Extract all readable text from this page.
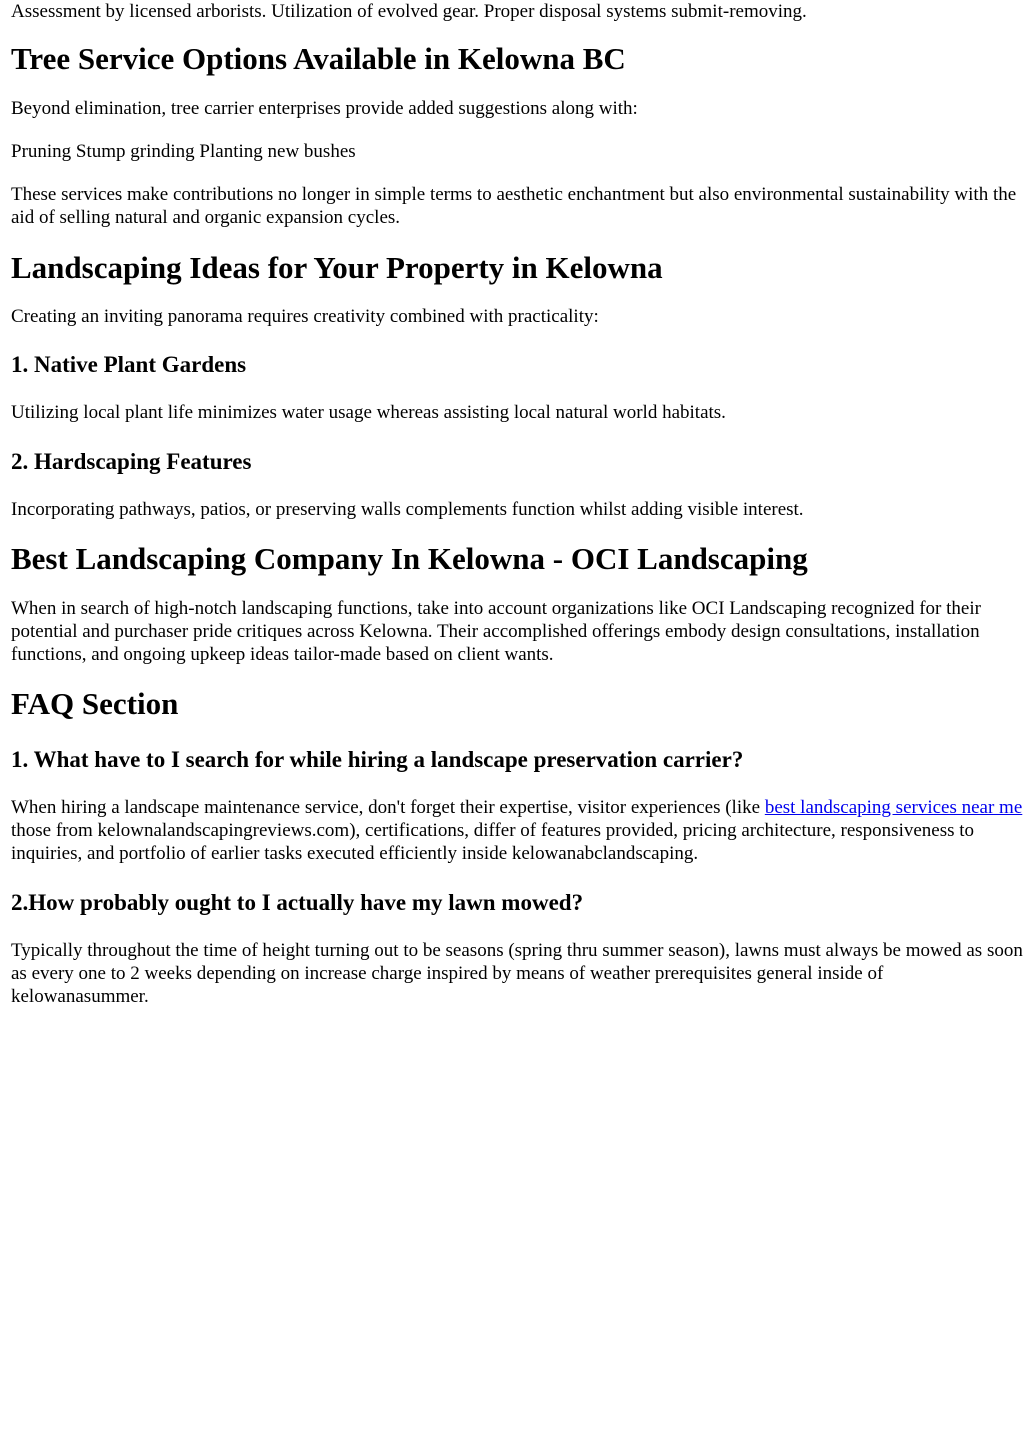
Assessment by licensed arborists. Utilization of evolved gear. Proper disposal systems submit-removing.

Tree Service Options Available in Kelowna BC

Beyond elimination, tree carrier enterprises provide added suggestions along with:

Pruning Stump grinding Planting new bushes

These services make contributions no longer in simple terms to aesthetic enchantment but also environmental sustainability with the aid of selling natural and organic expansion cycles.

Landscaping Ideas for Your Property in Kelowna

Creating an inviting panorama requires creativity combined with practicality:

1. Native Plant Gardens

Utilizing local plant life minimizes water usage whereas assisting local natural world habitats.

2. Hardscaping Features

Incorporating pathways, patios, or preserving walls complements function whilst adding visible interest.

Best Landscaping Company In Kelowna - OCI Landscaping

When in search of high-notch landscaping functions, take into account organizations like OCI Landscaping recognized for their potential and purchaser pride critiques across Kelowna. Their accomplished offerings embody design consultations, installation functions, and ongoing upkeep ideas tailor-made based on client wants.

FAQ Section
1. What have to I search for while hiring a landscape preservation carrier?

When hiring a landscape maintenance service, don't forget their expertise, visitor experiences (like best landscaping services near me those from kelownalandscapingreviews.com), certifications, differ of features provided, pricing architecture, responsiveness to inquiries, and portfolio of earlier tasks executed efficiently inside kelowanabclandscaping.

2.How probably ought to I actually have my lawn mowed?

Typically throughout the time of height turning out to be seasons (spring thru summer season), lawns must always be mowed as soon as every one to 2 weeks depending on increase charge inspired by means of weather prerequisites general inside of kelowanasummer.
